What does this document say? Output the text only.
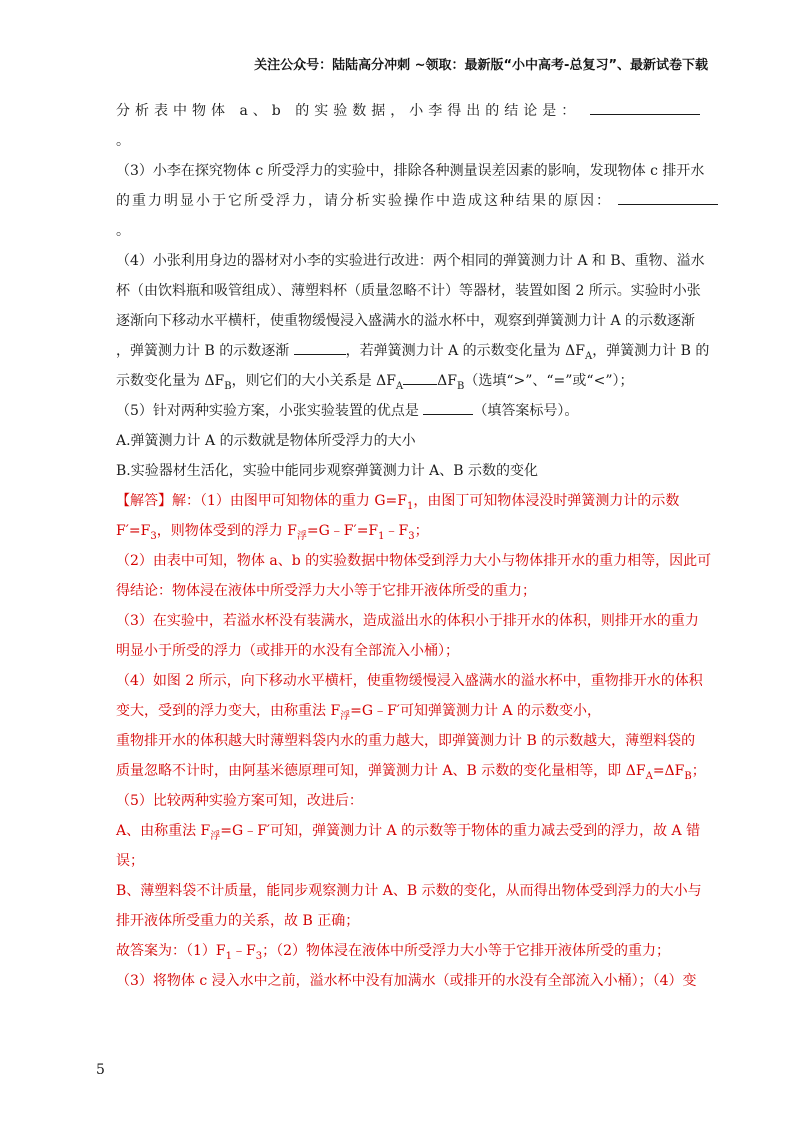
关注公众号：陆陆高分冲刺 ~领取：最新版“小中高考-总复习”、最新试卷下载
分析表中物体 a、b 的实验数据，小李得出的结论是：
。
（3）小李在探究物体 c 所受浮力的实验中，排除各种测量误差因素的影响，发现物体 c 排开水
的重力明显小于它所受浮力，请分析实验操作中造成这种结果的原因：
。
（4）小张利用身边的器材对小李的实验进行改进：两个相同的弹簧测力计 A 和 B、重物、溢水
杯（由饮料瓶和吸管组成）、薄塑料杯（质量忽略不计）等器材，装置如图 2 所示。实验时小张
逐渐向下移动水平横杆，使重物缓慢浸入盛满水的溢水杯中，观察到弹簧测力计 A 的示数逐渐
，弹簧测力计 B 的示数逐渐	，若弹簧测力计 A 的示数变化量为 $\Delta F_A$，弹簧测力计 B 的
示数变化量为 $\Delta F_B$，则它们的大小关系是 $\Delta F_A$ $\Delta F_B$（选填“>”、“=”或“<”）；
（5）针对两种实验方案，小张实验装置的优点是	（填答案标号）。
A.弹簧测力计 A 的示数就是物体所受浮力的大小
B.实验器材生活化，实验中能同步观察弹簧测力计 A、B 示数的变化
【解答】解：（1）由图甲可知物体的重力 $G=F_1$，由图丁可知物体浸没时弹簧测力计的示数
$F'=F_3$，则物体受到的浮力 $F_浮=G﹣F'=F_1﹣F_3$；
（2）由表中可知，物体 a、b 的实验数据中物体受到浮力大小与物体排开水的重力相等，因此可
得结论：物体浸在液体中所受浮力大小等于它排开液体所受的重力；
（3）在实验中，若溢水杯没有装满水，造成溢出水的体积小于排开水的体积，则排开水的重力
明显小于所受的浮力（或排开的水没有全部流入小桶）；
（4）如图 2 所示，向下移动水平横杆，使重物缓慢浸入盛满水的溢水杯中，重物排开水的体积
变大，受到的浮力变大，由称重法 $F_浮=G﹣F'$可知弹簧测力计 A 的示数变小，
重物排开水的体积越大时薄塑料袋内水的重力越大，即弹簧测力计 B 的示数越大，薄塑料袋的
质量忽略不计时，由阿基米德原理可知，弹簧测力计 A、B 示数的变化量相等，即 $\Delta F_A=\Delta F_B$；
（5）比较两种实验方案可知，改进后：
A、由称重法 $F_浮=G﹣F'$可知，弹簧测力计 A 的示数等于物体的重力减去受到的浮力，故 A 错
误；
B、薄塑料袋不计质量，能同步观察测力计 A、B 示数的变化，从而得出物体受到浮力的大小与
排开液体所受重力的关系，故 B 正确；
故答案为：$(1)F_1﹣F_3$；（2）物体浸在液体中所受浮力大小等于它排开液体所受的重力；
（3）将物体 c 浸入水中之前，溢水杯中没有加满水（或排开的水没有全部流入小桶）；（4）变
5
